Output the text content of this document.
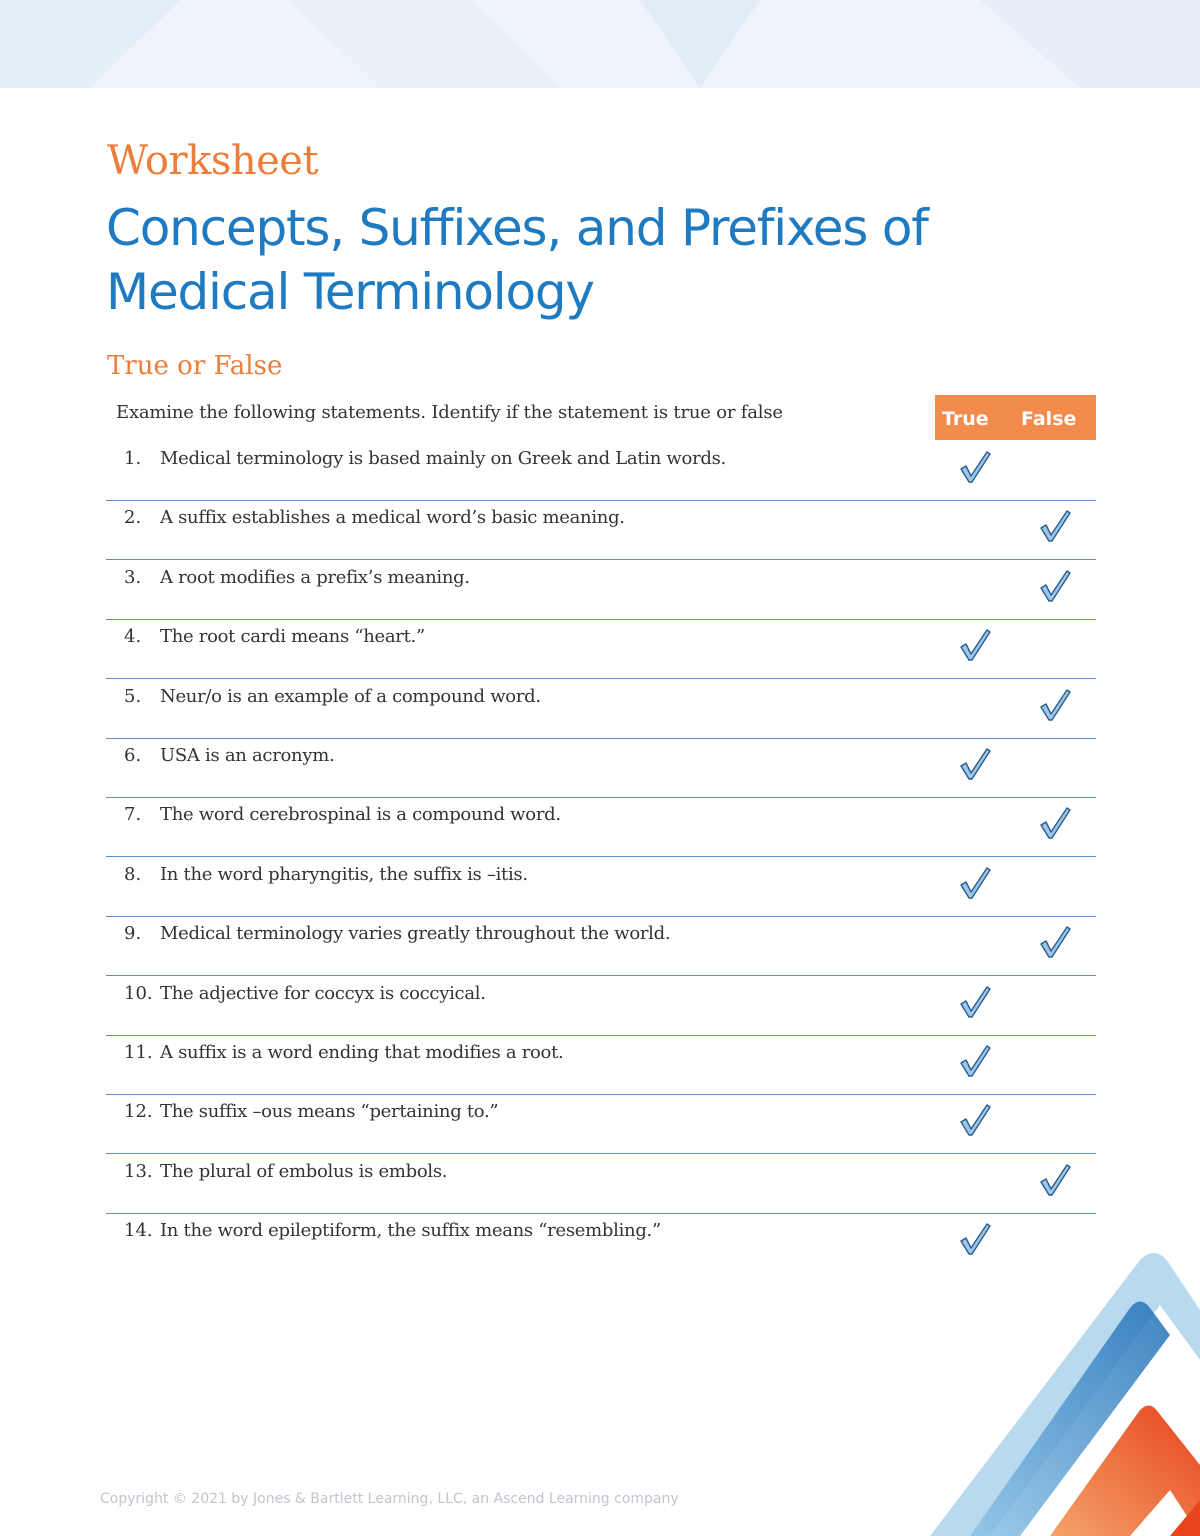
Worksheet
Concepts, Suffixes, and Prefixes of Medical Terminology
True or False
Examine the following statements. Identify if the statement is true or false	True False
1. Medical terminology is based mainly on Greek and Latin words.
2. A suffix establishes a medical word’s basic meaning.
3. A root modifies a prefix’s meaning.
4. The root cardi means “heart.”
5. Neur/o is an example of a compound word.
6. USA is an acronym.
7. The word cerebrospinal is a compound word.
8. In the word pharyngitis, the suffix is –itis.
9. Medical terminology varies greatly throughout the world.
10. The adjective for coccyx is coccyical.
11. A suffix is a word ending that modifies a root.
12. The suffix –ous means “pertaining to.”
13. The plural of embolus is embols.
14. In the word epileptiform, the suffix means “resembling.”
Copyright © 2021 by Jones & Bartlett Learning, LLC, an Ascend Learning company
